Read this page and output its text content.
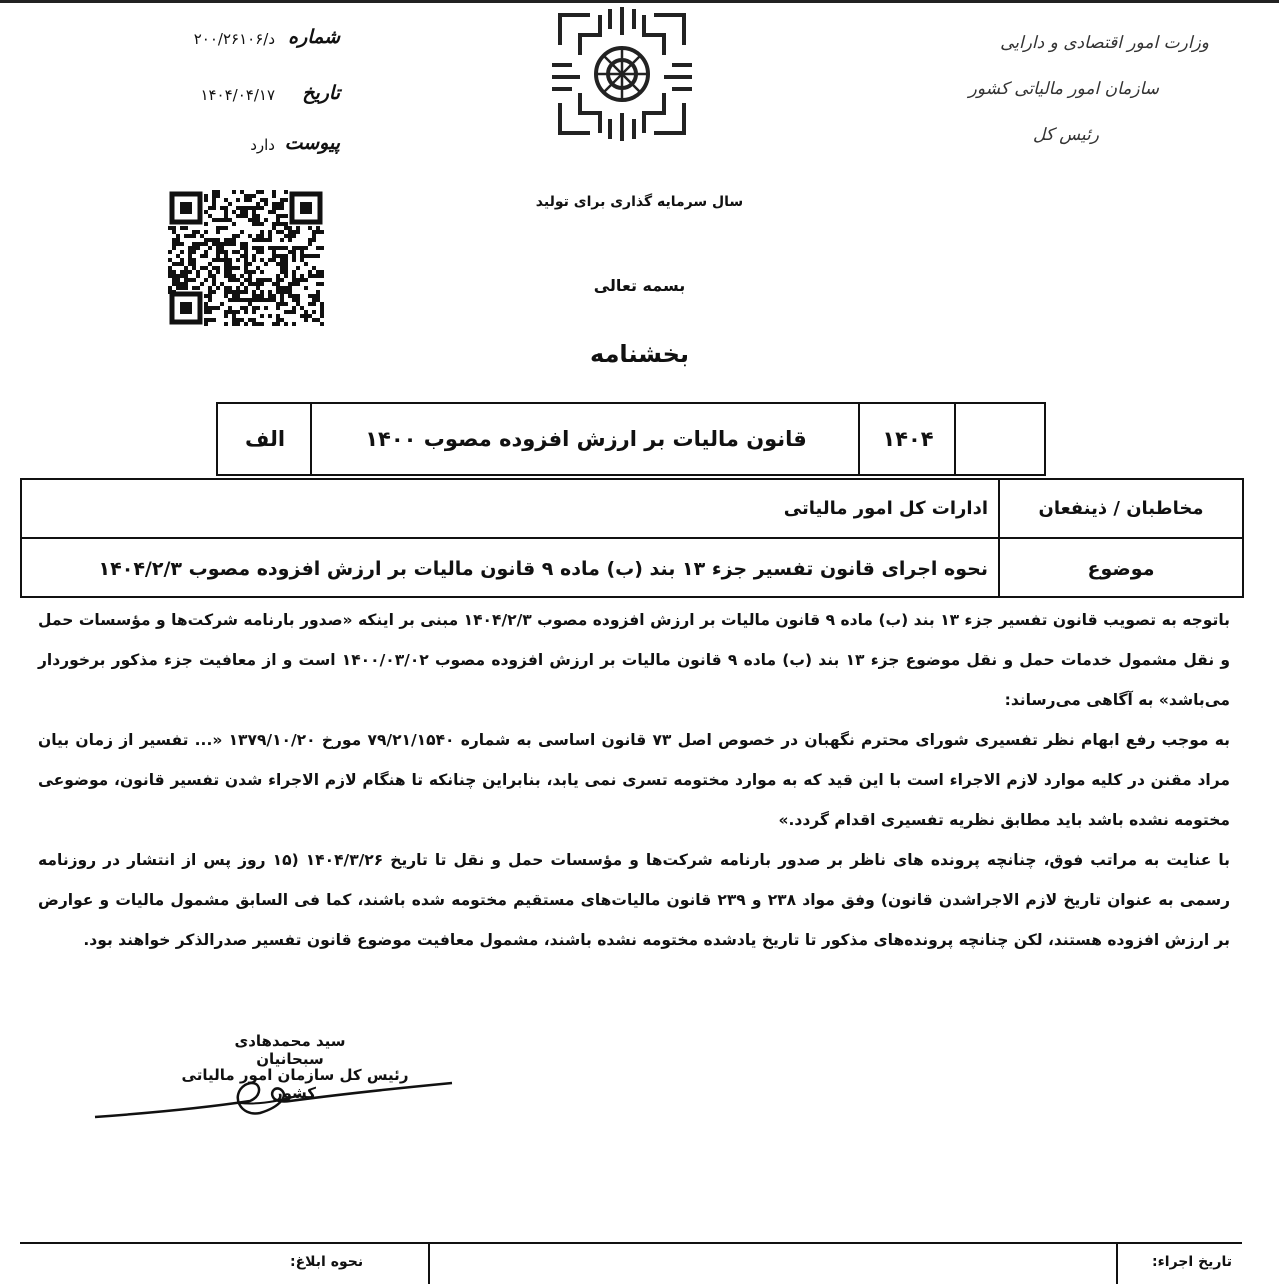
شماره
د/۲۰۰/۲۶۱۰۶
تاریخ
۱۴۰۴/۰۴/۱۷
پیوست
دارد
وزارت امور اقتصادی و دارایی
سازمان امور مالیاتی کشور
رئیس کل
سال سرمایه گذاری برای تولید
بسمه تعالی
بخشنامه
الف	قانون مالیات بر ارزش افزوده مصوب ۱۴۰۰	۱۴۰۴
مخاطبان / ذینفعان
ادارات کل امور مالیاتی
موضوع
نحوه اجرای قانون تفسیر جزء ۱۳ بند (ب) ماده ۹ قانون مالیات بر ارزش افزوده مصوب ۱۴۰۴/۲/۳

باتوجه به تصویب قانون تفسیر جزء ۱۳ بند (ب) ماده ۹ قانون مالیات بر ارزش افزوده مصوب ۱۴۰۴/۲/۳ مبنی بر اینکه «صدور بارنامه شرکت‌ها و مؤسسات حمل و نقل مشمول خدمات حمل و نقل موضوع جزء ۱۳ بند (ب) ماده ۹ قانون مالیات بر ارزش افزوده مصوب ۱۴۰۰/۰۳/۰۲ است و از معافیت جزء مذکور برخوردار می‌باشد» به آگاهی می‌رساند:

به موجب رفع ابهام نظر تفسیری شورای محترم نگهبان در خصوص اصل ۷۳ قانون اساسی به شماره ۷۹/۲۱/۱۵۴۰ مورخ ۱۳۷۹/۱۰/۲۰ «... تفسیر از زمان بیان مراد مقنن در کلیه موارد لازم الاجراء است با این قید که به موارد مختومه تسری نمی یابد، بنابراین چنانکه تا هنگام لازم الاجراء شدن تفسیر قانون، موضوعی مختومه نشده باشد باید مطابق نظریه تفسیری اقدام گردد.»

با عنایت به مراتب فوق، چنانچه پرونده های ناظر بر صدور بارنامه شرکت‌ها و مؤسسات حمل و نقل تا تاریخ ۱۴۰۴/۳/۲۶ (۱۵ روز پس از انتشار در روزنامه رسمی به عنوان تاریخ لازم الاجراشدن قانون) وفق مواد ۲۳۸ و ۲۳۹ قانون مالیات‌های مستقیم مختومه شده باشند، کما فی السابق مشمول مالیات و عوارض بر ارزش افزوده هستند، لکن چنانچه پرونده‌های مذکور تا تاریخ یادشده مختومه نشده باشند، مشمول معافیت موضوع قانون تفسیر صدرالذکر خواهند بود.

سید محمدهادی سبحانیان
رئیس کل سازمان امور مالیاتی کشور
تاریخ اجراء:
نحوه ابلاغ:
